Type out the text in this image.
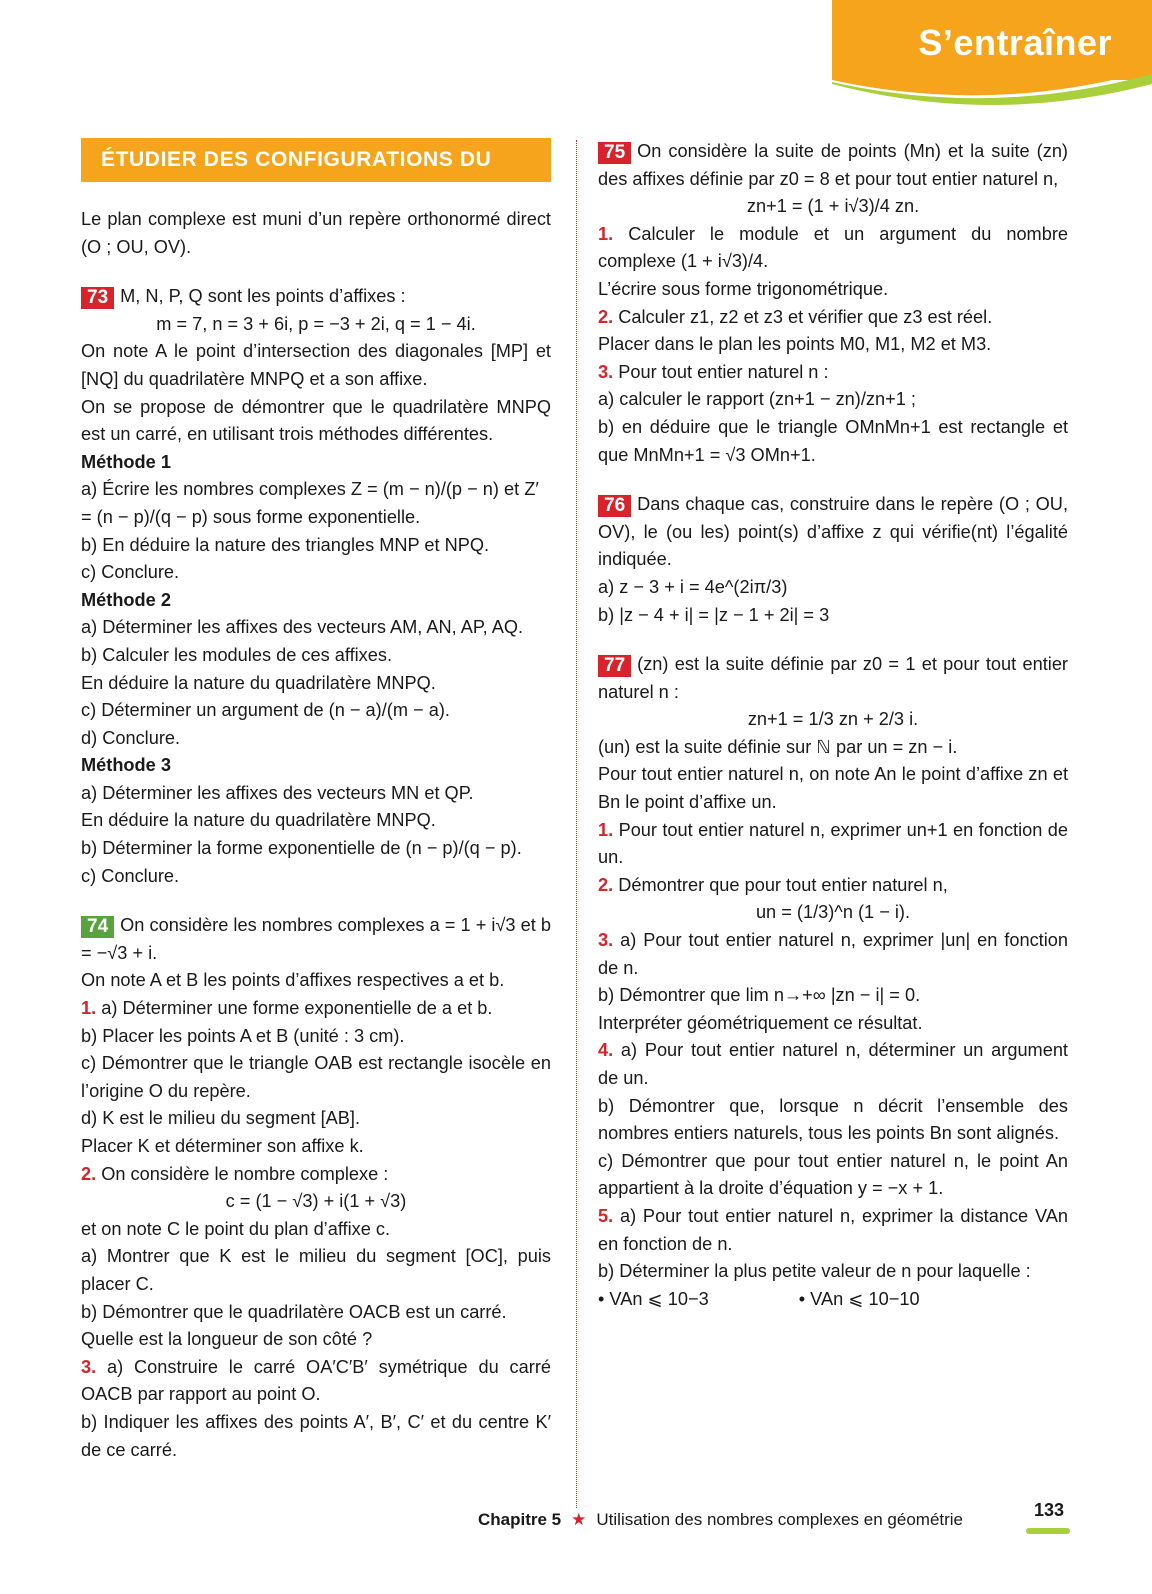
S’entraîner
ÉTUDIER DES CONFIGURATIONS DU PLAN

Le plan complexe est muni d’un repère orthonormé direct (O ; OU, OV).

73 M, N, P, Q sont les points d’affixes :

m = 7, n = 3 + 6i, p = −3 + 2i, q = 1 − 4i.

On note A le point d’intersection des diagonales [MP] et [NQ] du quadrilatère MNPQ et a son affixe.

On se propose de démontrer que le quadrilatère MNPQ est un carré, en utilisant trois méthodes différentes.

Méthode 1

a) Écrire les nombres complexes Z = (m − n)/(p − n) et Z′ = (n − p)/(q − p) sous forme exponentielle.

b) En déduire la nature des triangles MNP et NPQ.

c) Conclure.

Méthode 2

a) Déterminer les affixes des vecteurs AM, AN, AP, AQ.

b) Calculer les modules de ces affixes.

En déduire la nature du quadrilatère MNPQ.

c) Déterminer un argument de (n − a)/(m − a).

d) Conclure.

Méthode 3

a) Déterminer les affixes des vecteurs MN et QP.

En déduire la nature du quadrilatère MNPQ.

b) Déterminer la forme exponentielle de (n − p)/(q − p).

c) Conclure.

74 On considère les nombres complexes a = 1 + i√3 et b = −√3 + i.

On note A et B les points d’affixes respectives a et b.

1. a) Déterminer une forme exponentielle de a et b.

b) Placer les points A et B (unité : 3 cm).

c) Démontrer que le triangle OAB est rectangle isocèle en l’origine O du repère.

d) K est le milieu du segment [AB].

Placer K et déterminer son affixe k.

2. On considère le nombre complexe :

c = (1 − √3) + i(1 + √3)

et on note C le point du plan d’affixe c.

a) Montrer que K est le milieu du segment [OC], puis placer C.

b) Démontrer que le quadrilatère OACB est un carré.

Quelle est la longueur de son côté ?

3. a) Construire le carré OA′C′B′ symétrique du carré OACB par rapport au point O.

b) Indiquer les affixes des points A′, B′, C′ et du centre K′ de ce carré.

75 On considère la suite de points (Mn) et la suite (zn) des affixes définie par z0 = 8 et pour tout entier naturel n,

zn+1 = (1 + i√3)/4 zn.

1. Calculer le module et un argument du nombre complexe (1 + i√3)/4.

L’écrire sous forme trigonométrique.

2. Calculer z1, z2 et z3 et vérifier que z3 est réel.

Placer dans le plan les points M0, M1, M2 et M3.

3. Pour tout entier naturel n :

a) calculer le rapport (zn+1 − zn)/zn+1 ;

b) en déduire que le triangle OMnMn+1 est rectangle et que MnMn+1 = √3 OMn+1.

76 Dans chaque cas, construire dans le repère (O ; OU, OV), le (ou les) point(s) d’affixe z qui vérifie(nt) l’égalité indiquée.

a) z − 3 + i = 4e^(2iπ/3)

b) |z − 4 + i| = |z − 1 + 2i| = 3

77 (zn) est la suite définie par z0 = 1 et pour tout entier naturel n :

zn+1 = 1/3 zn + 2/3 i.

(un) est la suite définie sur ℕ par un = zn − i.

Pour tout entier naturel n, on note An le point d’affixe zn et Bn le point d’affixe un.

1. Pour tout entier naturel n, exprimer un+1 en fonction de un.

2. Démontrer que pour tout entier naturel n,

un = (1/3)^n (1 − i).

3. a) Pour tout entier naturel n, exprimer |un| en fonction de n.

b) Démontrer que lim n→+∞ |zn − i| = 0.

Interpréter géométriquement ce résultat.

4. a) Pour tout entier naturel n, déterminer un argument de un.

b) Démontrer que, lorsque n décrit l’ensemble des nombres entiers naturels, tous les points Bn sont alignés.

c) Démontrer que pour tout entier naturel n, le point An appartient à la droite d’équation y = −x + 1.

5. a) Pour tout entier naturel n, exprimer la distance VAn en fonction de n.

b) Déterminer la plus petite valeur de n pour laquelle :

• VAn ⩽ 10−3	• VAn ⩽ 10−10

Chapitre 5 ★ Utilisation des nombres complexes en géométrie	133
